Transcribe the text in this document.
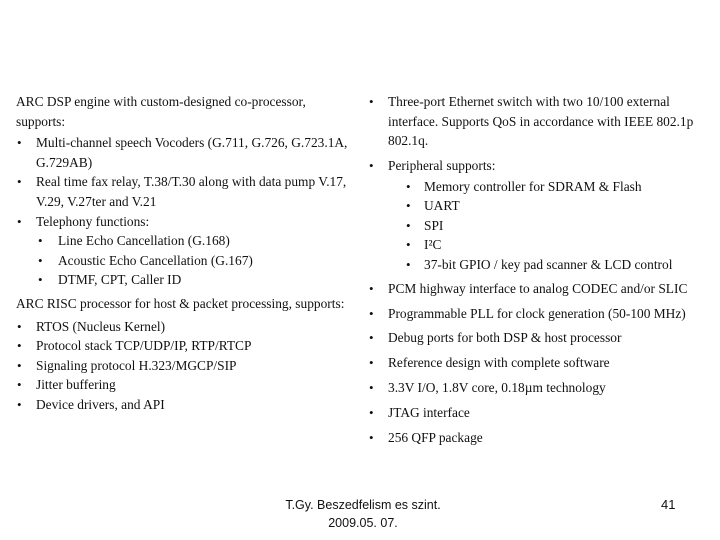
ARC DSP engine with custom-designed co-processor, supports:

• Multi-channel speech Vocoders (G.711, G.726, G.723.1A, G.729AB)
• Real time fax relay, T.38/T.30 along with data pump V.17, V.29, V.27ter and V.21
• Telephony functions:
• Line Echo Cancellation (G.168)
• Acoustic Echo Cancellation (G.167)
• DTMF, CPT, Caller ID

ARC RISC processor for host & packet processing, supports:

• RTOS (Nucleus Kernel)
• Protocol stack TCP/UDP/IP, RTP/RTCP
• Signaling protocol H.323/MGCP/SIP
• Jitter buffering
• Device drivers, and API
• Three-port Ethernet switch with two 10/100 external interface. Supports QoS in accordance with IEEE 802.1p 802.1q.
• Peripheral supports:
• Memory controller for SDRAM & Flash
• UART
• SPI
• I²C
• 37-bit GPIO / key pad scanner & LCD control
• PCM highway interface to analog CODEC and/or SLIC
• Programmable PLL for clock generation (50-100 MHz)
• Debug ports for both DSP & host processor
• Reference design with complete software
• 3.3V I/O, 1.8V core, 0.18µm technology
• JTAG interface
• 256 QFP package
T.Gy. Beszedfelism es szint.
2009.05. 07.
41
